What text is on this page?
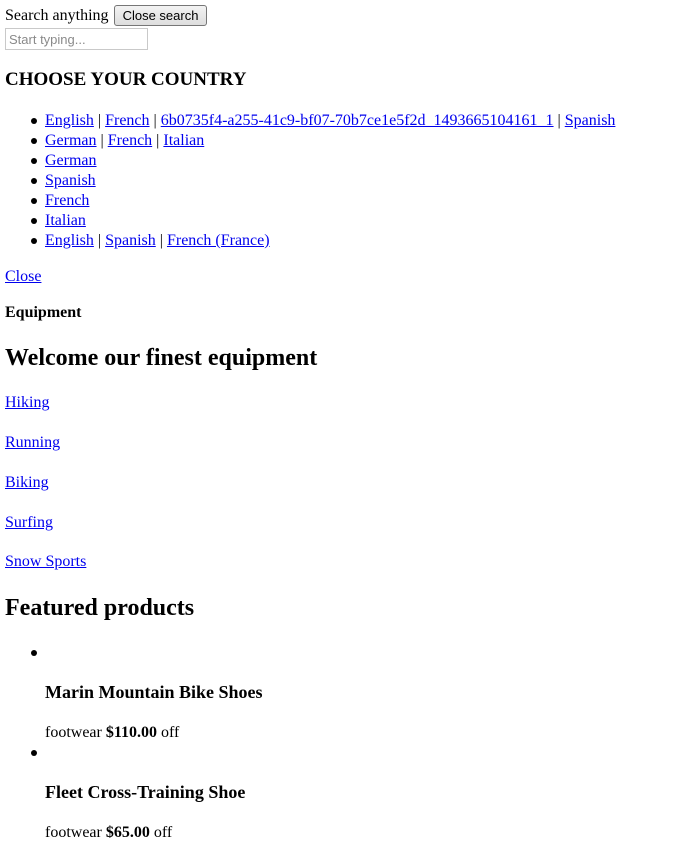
Search anything	Close search
Start typing...
CHOOSE YOUR COUNTRY
English | French | 6b0735f4-a255-41c9-bf07-70b7ce1e5f2d_1493665104161_1 | Spanish
German | French | Italian
German
Spanish
French
Italian
English | Spanish | French (France)
Close
Equipment
Welcome our finest equipment
Hiking
Running
Biking
Surfing
Snow Sports
Featured products
Marin Mountain Bike Shoes
footwear $110.00 off
Fleet Cross-Training Shoe
footwear $65.00 off
